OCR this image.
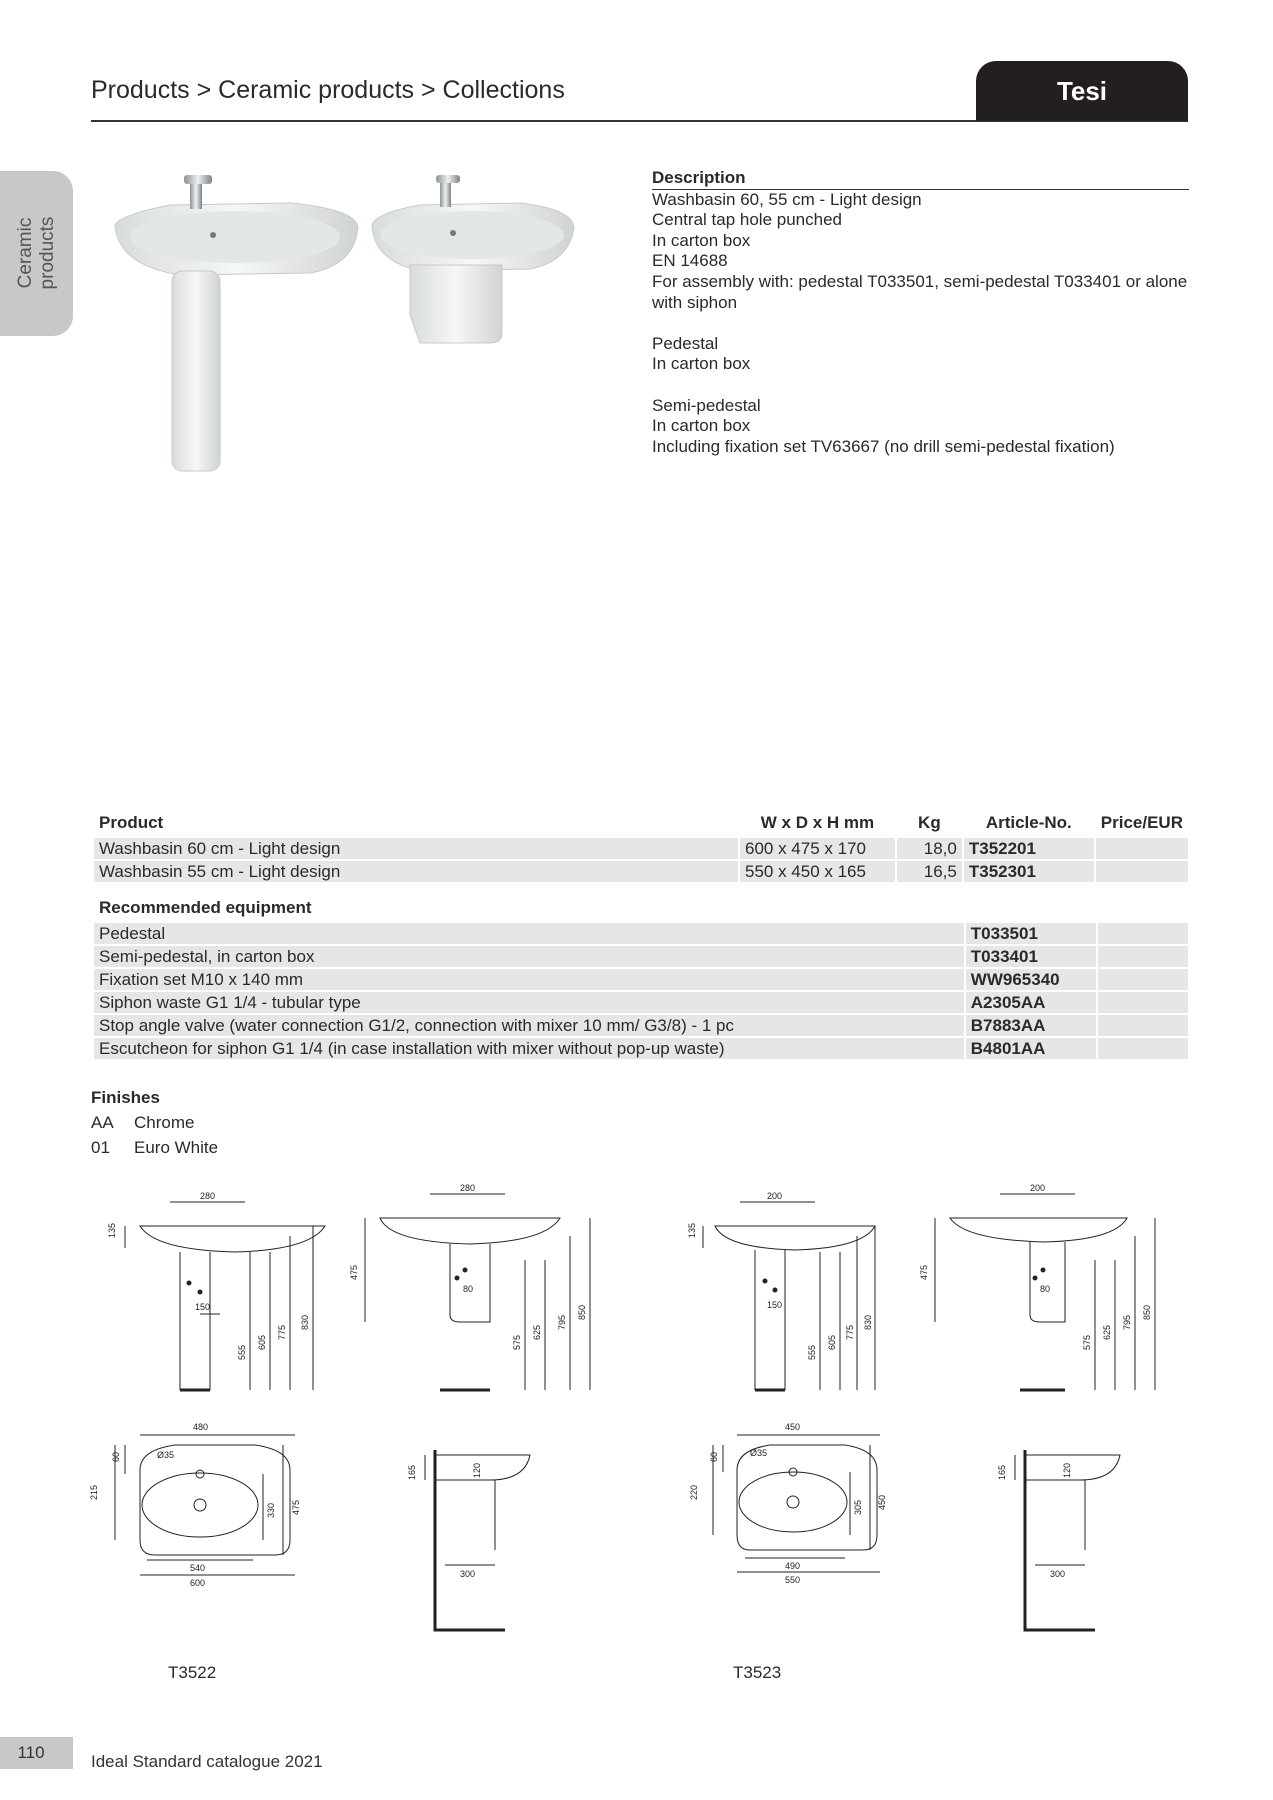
Products > Ceramic products > Collections	Tesi
Ceramic products
Description
Washbasin 60, 55 cm - Light design
Central tap hole punched
In carton box
EN 14688
For assembly with: pedestal T033501, semi-pedestal T033401 or alone with siphon
Pedestal
In carton box
Semi-pedestal
In carton box
Including fixation set TV63667 (no drill semi-pedestal fixation)
Product	W x D x H mm	Kg	Article-No.	Price/EUR
Washbasin 60 cm - Light design	600 x 475 x 170	18,0	T352201	
Washbasin 55 cm - Light design	550 x 450 x 165	16,5	T352301	
Recommended equipment		
Pedestal	T033501	
Semi-pedestal, in carton box	T033401	
Fixation set M10 x 140 mm	WW965340	
Siphon waste G1 1/4 - tubular type	A2305AA	
Stop angle valve (water connection G1/2, connection with mixer 10 mm/ G3/8) - 1 pc	B7883AA	
Escutcheon for siphon G1 1/4 (in case installation with mixer without pop-up waste)	B4801AA	
Finishes
AA Chrome
01 Euro White
280
135
150
555
605
775
830
280
475
80
575
625
795
850
480
Ø35
215
60
330 475
540
600
165	120
300
200
135
150
555
605
775
830
200
475
80
575
625
795
850
450
Ø35
220
60
305 450
490
550
165	120
300
T3522	T3523
110	Ideal Standard catalogue 2021
